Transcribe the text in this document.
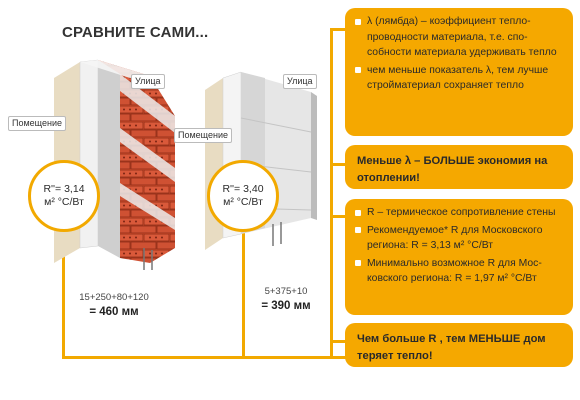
СРАВНИТЕ САМИ...
Улица
Помещение
R''= 3,14
м² °С/Вт
15+250+80+120
= 460 мм
Улица
Помещение
R''= 3,40
м² °С/Вт
5+375+10
= 390 мм
λ (лямбда) – коэффициент тепло-проводности материала, т.е. спо-собности материала удерживать тепло
чем меньше показатель λ, тем лучше стройматериал сохраняет тепло
Меньше λ – БОЛЬШЕ экономия на отоплении!
R – термическое сопротивление стены
Рекомендуемое* R для Московского региона: R = 3,13 м² °С/Вт
Минимально возможное R для Мос-ковского региона: R = 1,97 м² °С/Вт
Чем больше R , тем МЕНЬШЕ дом теряет тепло!
